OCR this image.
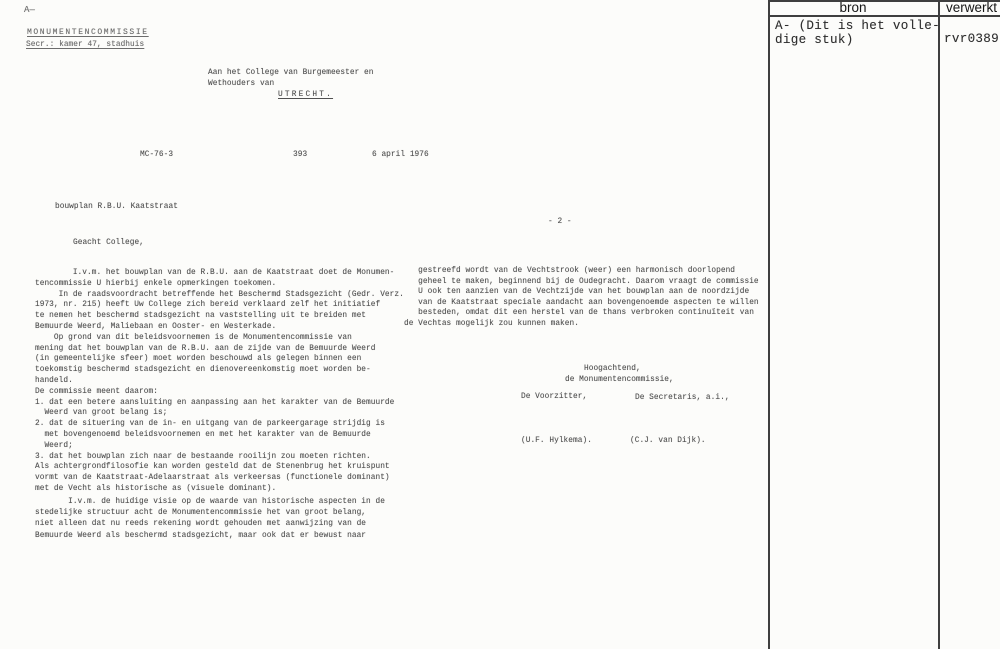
A—
MONUMENTENCOMMISSIE
Secr.: kamer 47, stadhuis
Aan het College van Burgemeester en
Wethouders van
UTRECHT.
MC-76-3	393	6 april 1976
bouwplan R.B.U. Kaatstraat
- 2 -
Geacht College,
I.v.m. het bouwplan van de R.B.U. aan de Kaatstraat doet de Monumen-
tencommissie U hierbij enkele opmerkingen toekomen.
In de raadsvoordracht betreffende het Beschermd Stadsgezicht (Gedr. Verz.
1973, nr. 215) heeft Uw College zich bereid verklaard zelf het initiatief
te nemen het beschermd stadsgezicht na vaststelling uit te breiden met
Bemuurde Weerd, Maliebaan en Ooster- en Westerkade.
Op grond van dit beleidsvoornemen is de Monumentencommissie van
mening dat het bouwplan van de R.B.U. aan de zijde van de Bemuurde Weerd
(in gemeentelijke sfeer) moet worden beschouwd als gelegen binnen een
toekomstig beschermd stadsgezicht en dienovereenkomstig moet worden be-
handeld.
De commissie meent daarom:
1. dat een betere aansluiting en aanpassing aan het karakter van de Bemuurde
Weerd van groot belang is;
2. dat de situering van de in- en uitgang van de parkeergarage strijdig is
met bovengenoemd beleidsvoornemen en met het karakter van de Bemuurde
Weerd;
3. dat het bouwplan zich naar de bestaande rooilijn zou moeten richten.
Als achtergrondfilosofie kan worden gesteld dat de Stenenbrug het kruispunt
vormt van de Kaatstraat-Adelaarstraat als verkeersas (functionele dominant)
met de Vecht als historische as (visuele dominant).
I.v.m. de huidige visie op de waarde van historische aspecten in de
stedelijke structuur acht de Monumentencommissie het van groot belang,
niet alleen dat nu reeds rekening wordt gehouden met aanwijzing van de
Bemuurde Weerd als beschermd stadsgezicht, maar ook dat er bewust naar
gestreefd wordt van de Vechtstrook (weer) een harmonisch doorlopend
geheel te maken, beginnend bij de Oudegracht. Daarom vraagt de commissie
U ook ten aanzien van de Vechtzijde van het bouwplan aan de noordzijde
van de Kaatstraat speciale aandacht aan bovengenoemde aspecten te willen
besteden, omdat dit een herstel van de thans verbroken continuïteit van
de Vechtas mogelijk zou kunnen maken.
Hoogachtend,
de Monumentencommissie,
De Voorzitter,	De Secretaris, a.i.,
(U.F. Hylkema).	(C.J. van Dijk).
bron	verwerkt
A- (Dit is het volle-
dige stuk)	rvr0389
